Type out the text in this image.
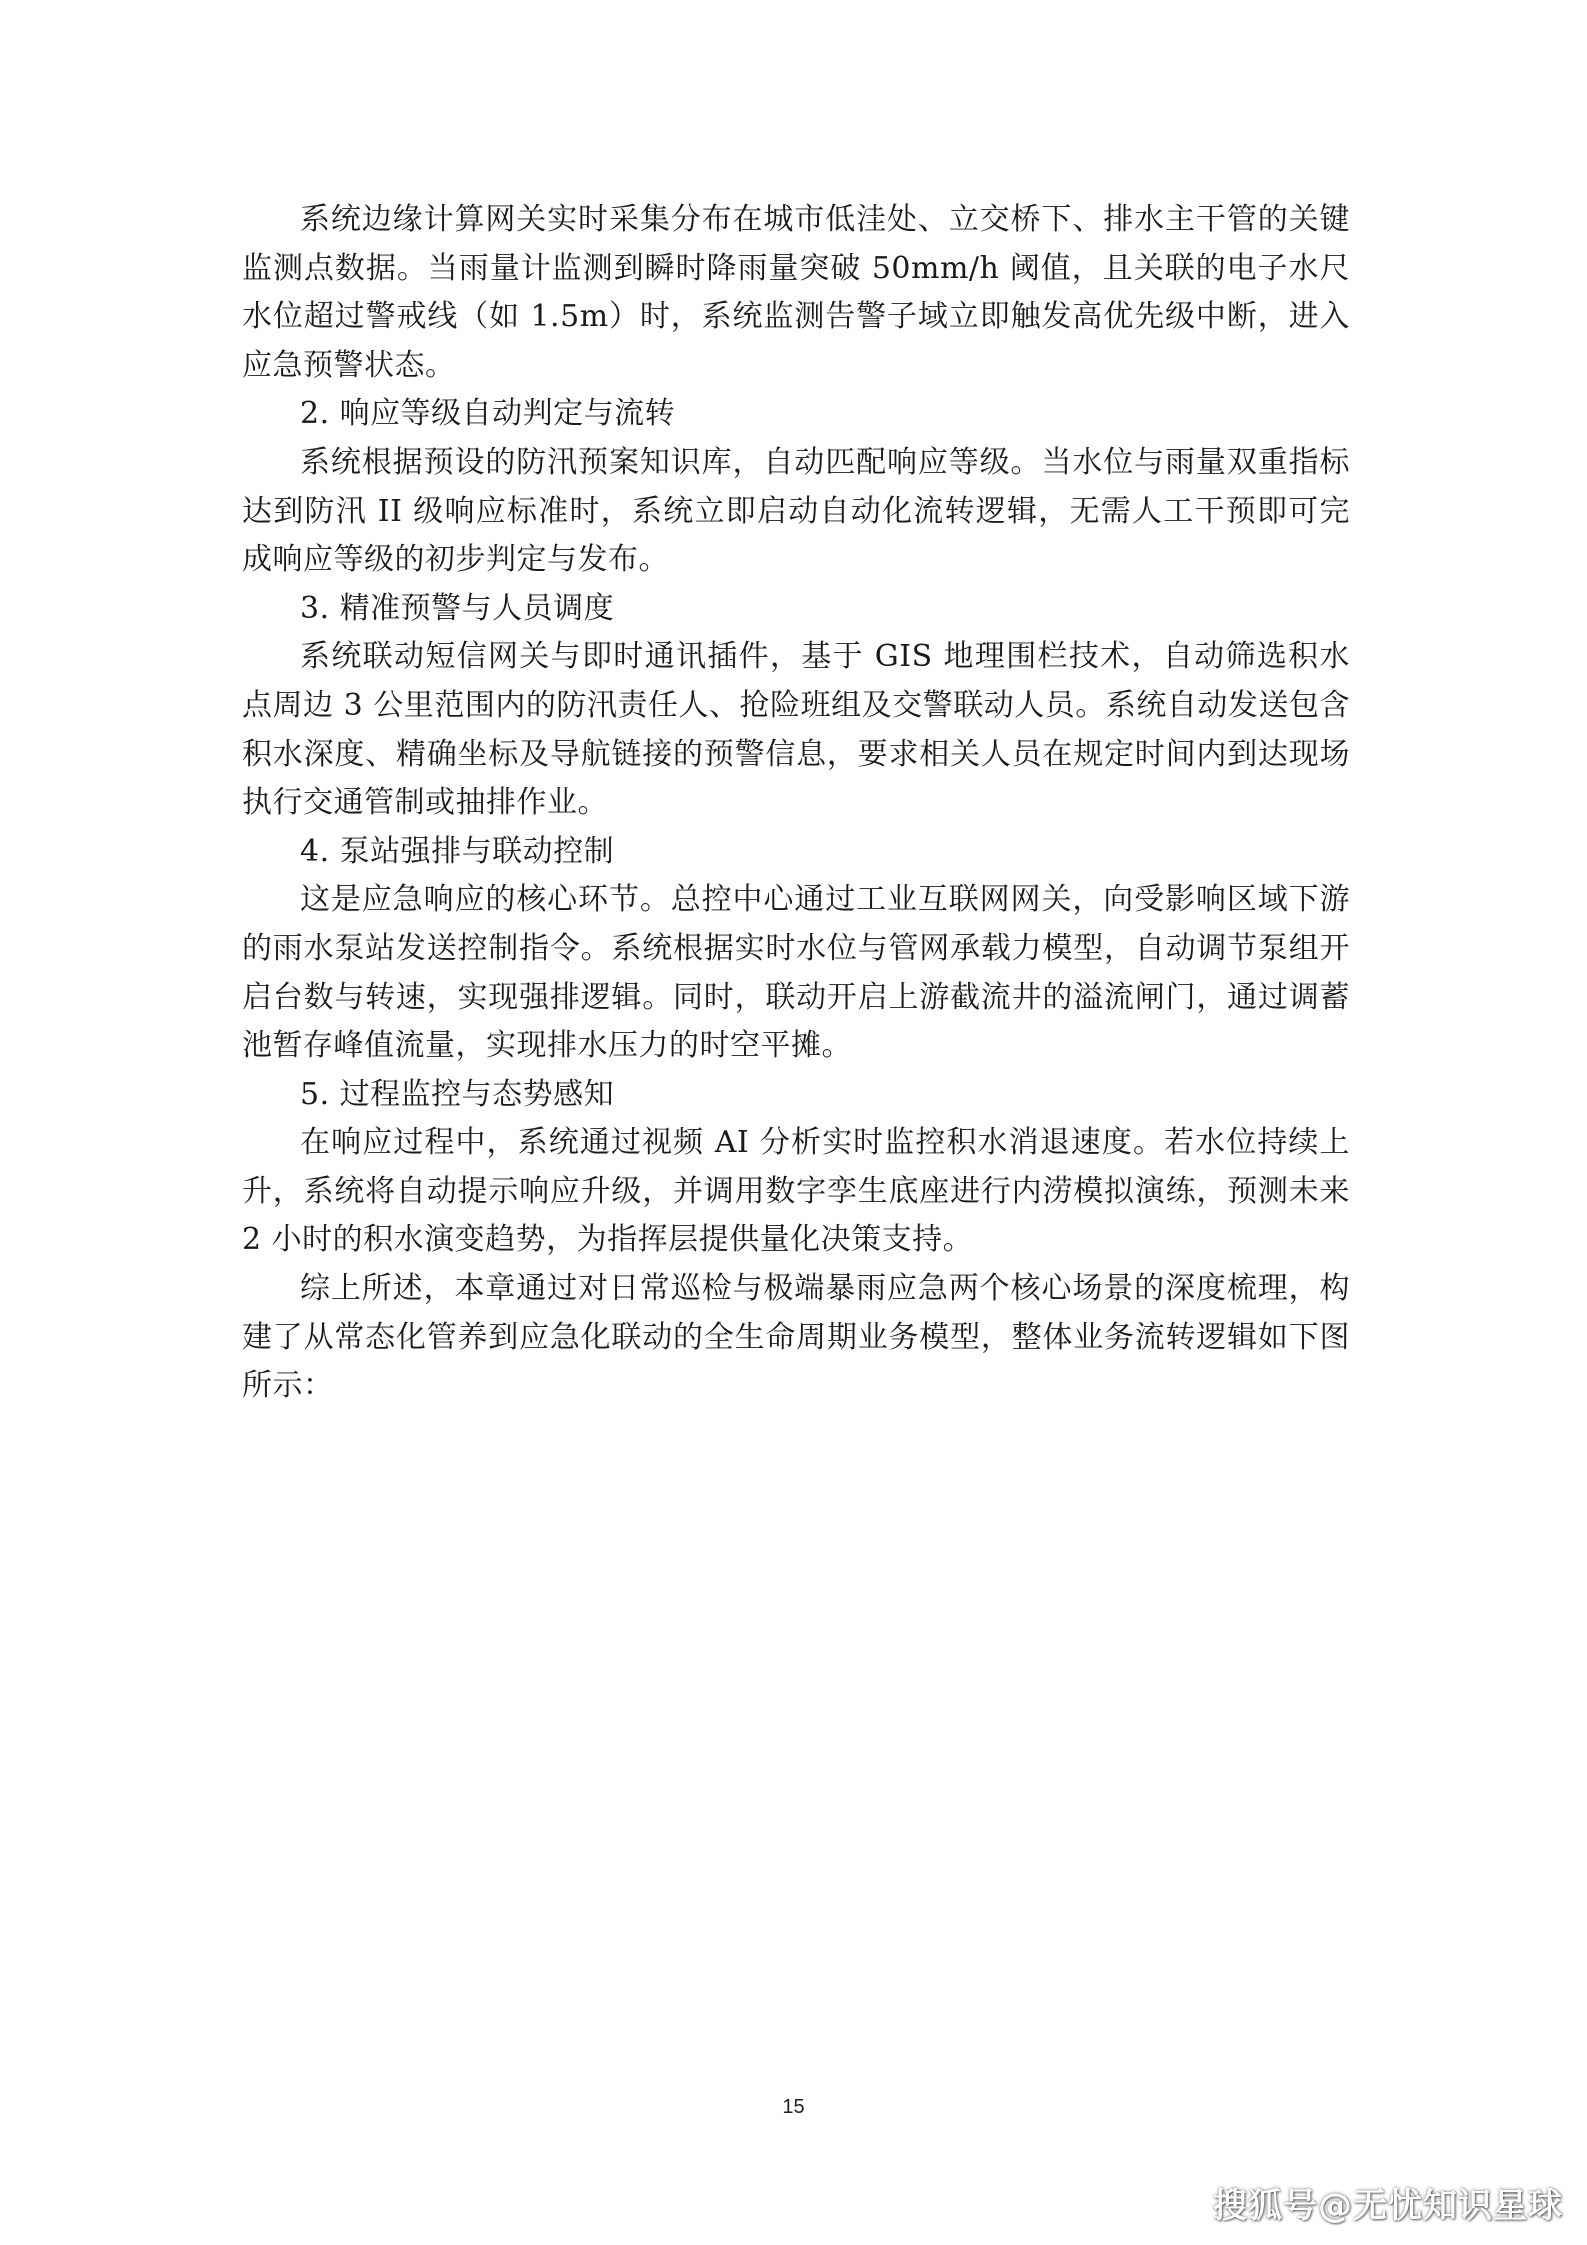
系统边缘计算网关实时采集分布在城市低洼处、立交桥下、排水主干管的关键监测点数据。当雨量计监测到瞬时降雨量突破 50mm/h 阈值，且关联的电子水尺水位超过警戒线（如 1.5m）时，系统监测告警子域立即触发高优先级中断，进入应急预警状态。

2. 响应等级自动判定与流转

系统根据预设的防汛预案知识库，自动匹配响应等级。当水位与雨量双重指标达到防汛 II 级响应标准时，系统立即启动自动化流转逻辑，无需人工干预即可完成响应等级的初步判定与发布。

3. 精准预警与人员调度

系统联动短信网关与即时通讯插件，基于 GIS 地理围栏技术，自动筛选积水点周边 3 公里范围内的防汛责任人、抢险班组及交警联动人员。系统自动发送包含积水深度、精确坐标及导航链接的预警信息，要求相关人员在规定时间内到达现场执行交通管制或抽排作业。

4. 泵站强排与联动控制

这是应急响应的核心环节。总控中心通过工业互联网网关，向受影响区域下游的雨水泵站发送控制指令。系统根据实时水位与管网承载力模型，自动调节泵组开启台数与转速，实现强排逻辑。同时，联动开启上游截流井的溢流闸门，通过调蓄池暂存峰值流量，实现排水压力的时空平摊。

5. 过程监控与态势感知

在响应过程中，系统通过视频 AI 分析实时监控积水消退速度。若水位持续上升，系统将自动提示响应升级，并调用数字孪生底座进行内涝模拟演练，预测未来 2 小时的积水演变趋势，为指挥层提供量化决策支持。

综上所述，本章通过对日常巡检与极端暴雨应急两个核心场景的深度梳理，构建了从常态化管养到应急化联动的全生命周期业务模型，整体业务流转逻辑如下图所示：

15
搜狐号@无忧知识星球
